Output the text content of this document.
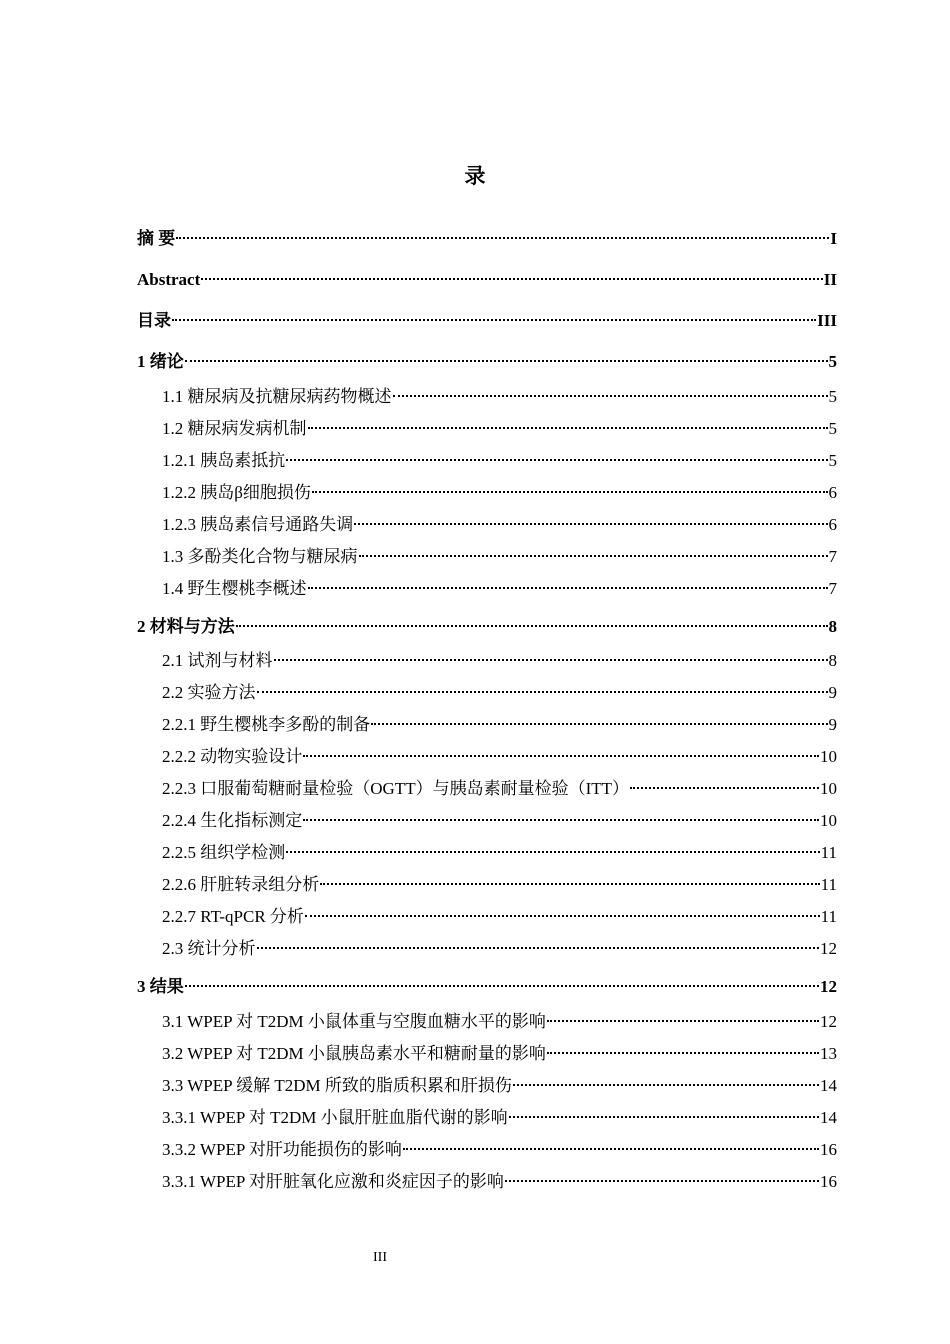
录
摘 要	I
Abstract	II
目录	III
1 绪论	5
1.1 糖尿病及抗糖尿病药物概述	5
1.2 糖尿病发病机制	5
1.2.1 胰岛素抵抗	5
1.2.2 胰岛β细胞损伤	6
1.2.3 胰岛素信号通路失调	6
1.3 多酚类化合物与糖尿病	7
1.4 野生樱桃李概述	7
2 材料与方法	8
2.1 试剂与材料	8
2.2 实验方法	9
2.2.1 野生樱桃李多酚的制备	9
2.2.2 动物实验设计	10
2.2.3 口服葡萄糖耐量检验（OGTT）与胰岛素耐量检验（ITT）	10
2.2.4 生化指标测定	10
2.2.5 组织学检测	11
2.2.6 肝脏转录组分析	11
2.2.7 RT-qPCR 分析	11
2.3 统计分析	12
3 结果	12
3.1 WPEP 对 T2DM 小鼠体重与空腹血糖水平的影响	12
3.2 WPEP 对 T2DM 小鼠胰岛素水平和糖耐量的影响	13
3.3 WPEP 缓解 T2DM 所致的脂质积累和肝损伤	14
3.3.1 WPEP 对 T2DM 小鼠肝脏血脂代谢的影响	14
3.3.2 WPEP 对肝功能损伤的影响	16
3.3.1 WPEP 对肝脏氧化应激和炎症因子的影响	16
III
